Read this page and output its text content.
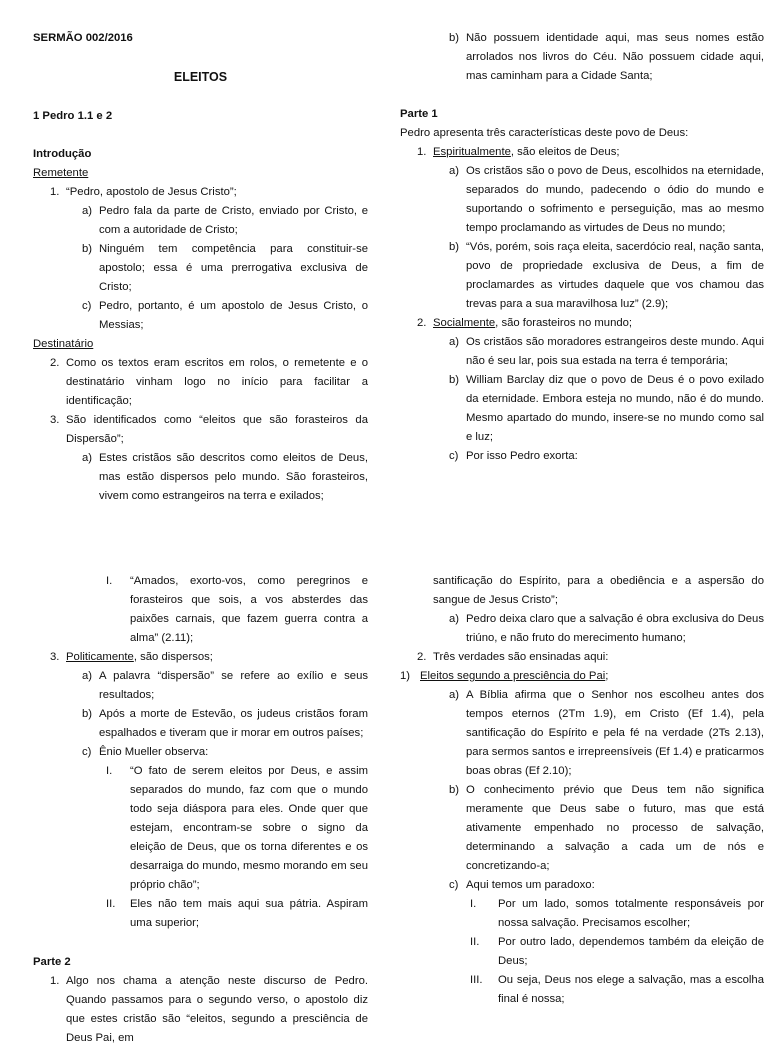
SERMÃO 002/2016

ELEITOS

1 Pedro 1.1 e 2

Introdução

Remetente

1. “Pedro, apostolo de Jesus Cristo”;
a) Pedro fala da parte de Cristo, enviado por Cristo, e com a autoridade de Cristo;
b) Ninguém tem competência para constituir-se apostolo; essa é uma prerrogativa exclusiva de Cristo;
c) Pedro, portanto, é um apostolo de Jesus Cristo, o Messias;

Destinatário

2. Como os textos eram escritos em rolos, o remetente e o destinatário vinham logo no início para facilitar a identificação;
3. São identificados como “eleitos que são forasteiros da Dispersão”;
a) Estes cristãos são descritos como eleitos de Deus, mas estão dispersos pelo mundo. São forasteiros, vivem como estrangeiros na terra e exilados;
b) Não possuem identidade aqui, mas seus nomes estão arrolados nos livros do Céu. Não possuem cidade aqui, mas caminham para a Cidade Santa;

Parte 1

Pedro apresenta três características deste povo de Deus:

1. Espiritualmente, são eleitos de Deus;
a) Os cristãos são o povo de Deus, escolhidos na eternidade, separados do mundo, padecendo o ódio do mundo e suportando o sofrimento e perseguição, mas ao mesmo tempo proclamando as virtudes de Deus no mundo;
b) “Vós, porém, sois raça eleita, sacerdócio real, nação santa, povo de propriedade exclusiva de Deus, a fim de proclamardes as virtudes daquele que vos chamou das trevas para a sua maravilhosa luz” (2.9);
2. Socialmente, são forasteiros no mundo;
a) Os cristãos são moradores estrangeiros deste mundo. Aqui não é seu lar, pois sua estada na terra é temporária;
b) William Barclay diz que o povo de Deus é o povo exilado da eternidade. Embora esteja no mundo, não é do mundo. Mesmo apartado do mundo, insere-se no mundo como sal e luz;
c) Por isso Pedro exorta:
I.	“Amados, exorto-vos, como peregrinos e forasteiros que sois, a vos absterdes das paixões carnais, que fazem guerra contra a alma” (2.11);
3. Politicamente, são dispersos;
a) A palavra “dispersão” se refere ao exílio e seus resultados;
b) Após a morte de Estevão, os judeus cristãos foram espalhados e tiveram que ir morar em outros países;
c) Ênio Mueller observa:
I.	“O fato de serem eleitos por Deus, e assim separados do mundo, faz com que o mundo todo seja diáspora para eles. Onde quer que estejam, encontram-se sobre o signo da eleição de Deus, que os torna diferentes e os desarraiga do mundo, mesmo morando em seu próprio chão”;
II.	Eles não tem mais aqui sua pátria. Aspiram uma superior;

Parte 2

1. Algo nos chama a atenção neste discurso de Pedro. Quando passamos para o segundo verso, o apostolo diz que estes cristão são “eleitos, segundo a presciência de Deus Pai, em

santificação do Espírito, para a obediência e a aspersão do sangue de Jesus Cristo”;

a) Pedro deixa claro que a salvação é obra exclusiva do Deus triúno, e não fruto do merecimento humano;
2. Três verdades são ensinadas aqui:
1) Eleitos segundo a presciência do Pai;
a) A Bíblia afirma que o Senhor nos escolheu antes dos tempos eternos (2Tm 1.9), em Cristo (Ef 1.4), pela santificação do Espírito e pela fé na verdade (2Ts 2.13), para sermos santos e irrepreensíveis (Ef 1.4) e praticarmos boas obras (Ef 2.10);
b) O conhecimento prévio que Deus tem não significa meramente que Deus sabe o futuro, mas que está ativamente empenhado no processo de salvação, determinando a salvação a cada um de nós e concretizando-a;
c) Aqui temos um paradoxo:
I.	Por um lado, somos totalmente responsáveis por nossa salvação. Precisamos escolher;
II.	Por outro lado, dependemos também da eleição de Deus;
III.	Ou seja, Deus nos elege a salvação, mas a escolha final é nossa;
